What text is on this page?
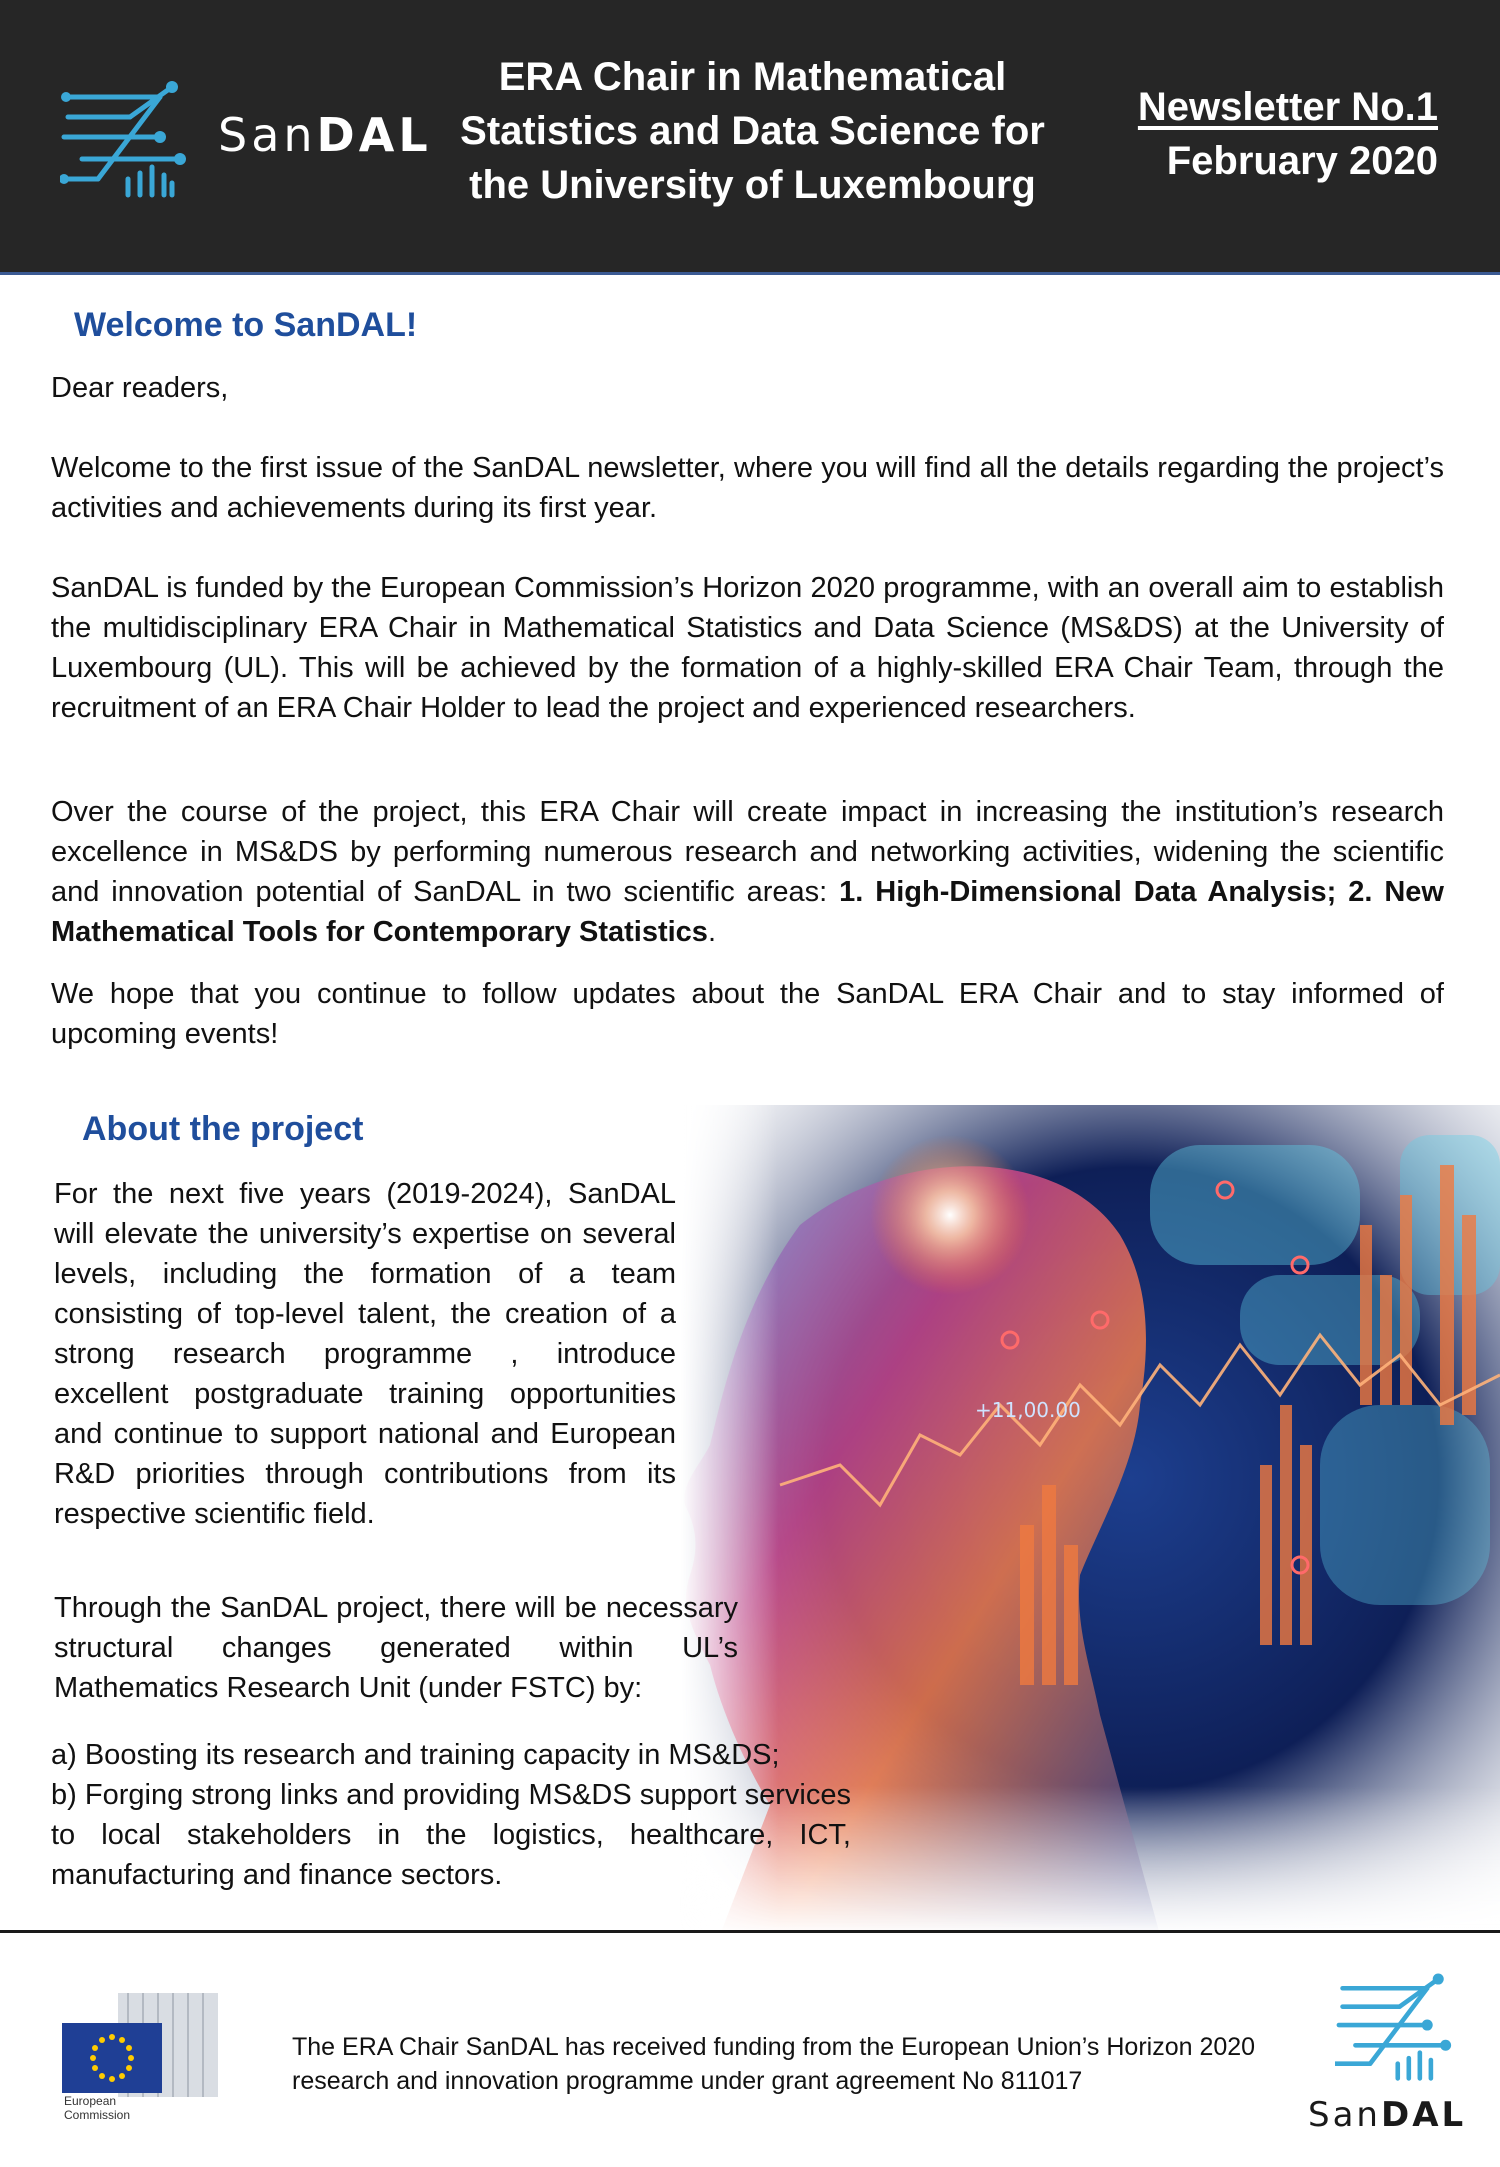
SanDAL
ERA Chair in Mathematical
Statistics and Data Science for
the University of Luxembourg
Newsletter No.1
February 2020
Welcome to SanDAL!
Dear readers,
Welcome to the first issue of the SanDAL newsletter, where you will find all the details regarding the project’s activities and achievements during its first year.
SanDAL is funded by the European Commission’s Horizon 2020 programme, with an overall aim to establish the multidisciplinary ERA Chair in Mathematical Statistics and Data Science (MS&DS) at the University of Luxembourg (UL). This will be achieved by the formation of a highly-skilled ERA Chair Team, through the recruitment of an ERA Chair Holder to lead the project and experienced researchers.
Over the course of the project, this ERA Chair will create impact in increasing the institution’s research excellence in MS&DS by performing numerous research and networking activities, widening the scientific and innovation potential of SanDAL in two scientific areas: 1. High-Dimensional Data Analysis; 2. New Mathematical Tools for Contemporary Statistics.
We hope that you continue to follow updates about the SanDAL ERA Chair and to stay informed of upcoming events!
About the project
For the next five years (2019-2024), SanDAL will elevate the university’s expertise on several levels, including the formation of a team consisting of top-level talent, the creation of a strong research programme , introduce excellent postgraduate training opportunities and continue to support national and European R&D priorities through contributions from its respective scientific field.
Through the SanDAL project, there will be necessary structural changes generated within UL’s Mathematics Research Unit (under FSTC) by:
a) Boosting its research and training capacity in MS&DS;
b) Forging strong links and providing MS&DS support services to local stakeholders in the logistics, healthcare, ICT, manufacturing and finance sectors.
European
Commission
The ERA Chair SanDAL has received funding from the European Union’s Horizon 2020 research and innovation programme under grant agreement No 811017
SanDAL
